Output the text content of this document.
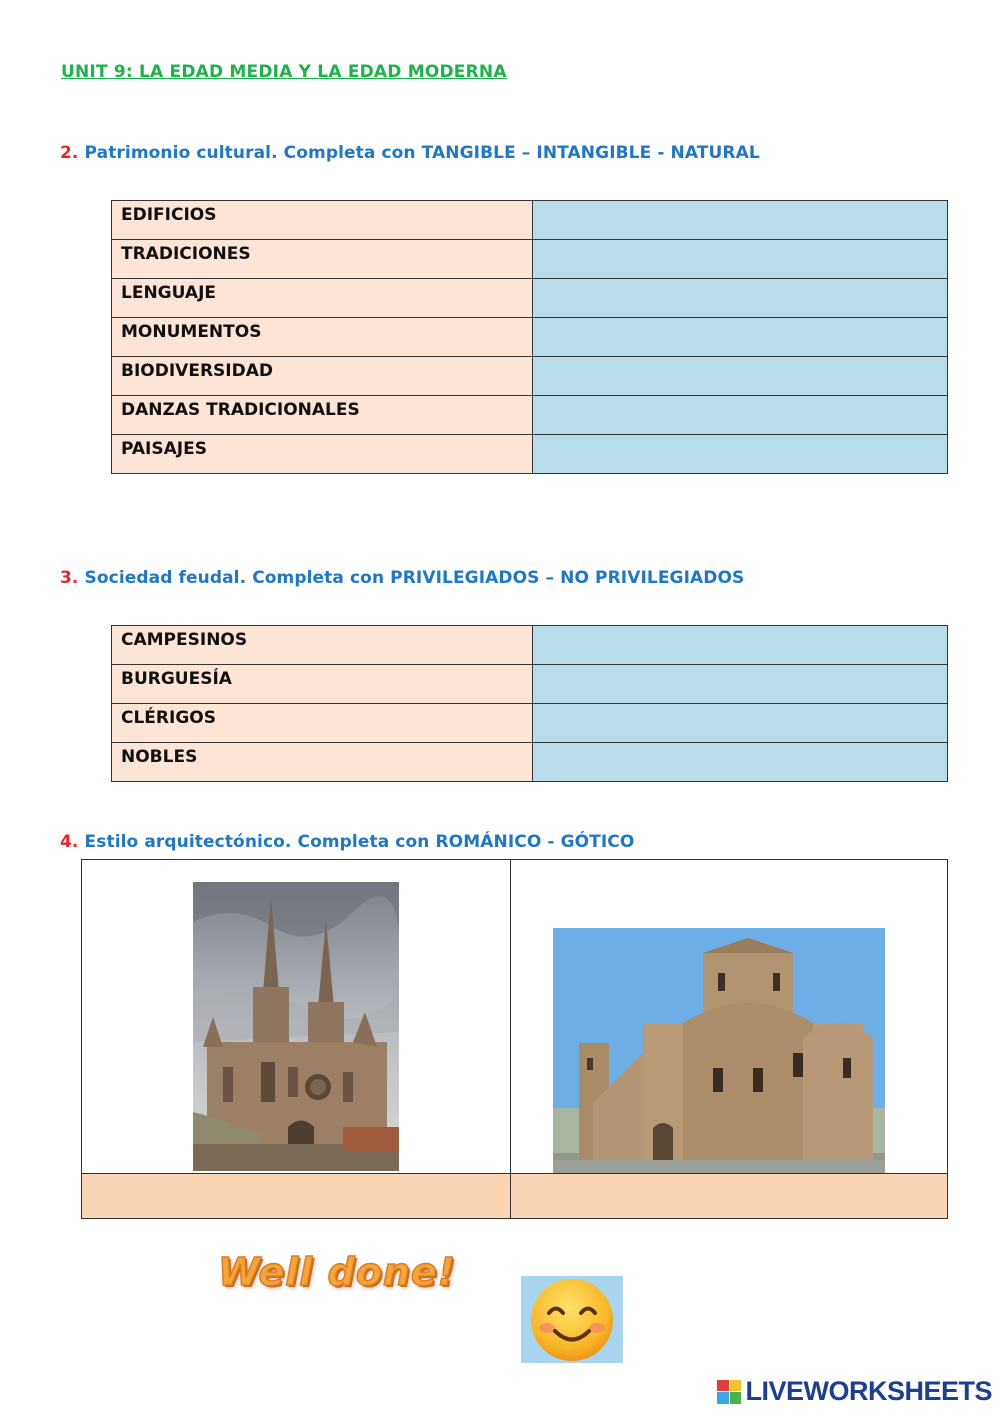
UNIT 9: LA EDAD MEDIA Y LA EDAD MODERNA
2. Patrimonio cultural. Completa con TANGIBLE – INTANGIBLE - NATURAL
EDIFICIOS	
TRADICIONES	
LENGUAJE	
MONUMENTOS	
BIODIVERSIDAD	
DANZAS TRADICIONALES	
PAISAJES	
3. Sociedad feudal. Completa con PRIVILEGIADOS – NO PRIVILEGIADOS
CAMPESINOS	
BURGUESÍA	
CLÉRIGOS	
NOBLES	
4. Estilo arquitectónico. Completa con ROMÁNICO - GÓTICO

Well done!
LIVEWORKSHEETS
